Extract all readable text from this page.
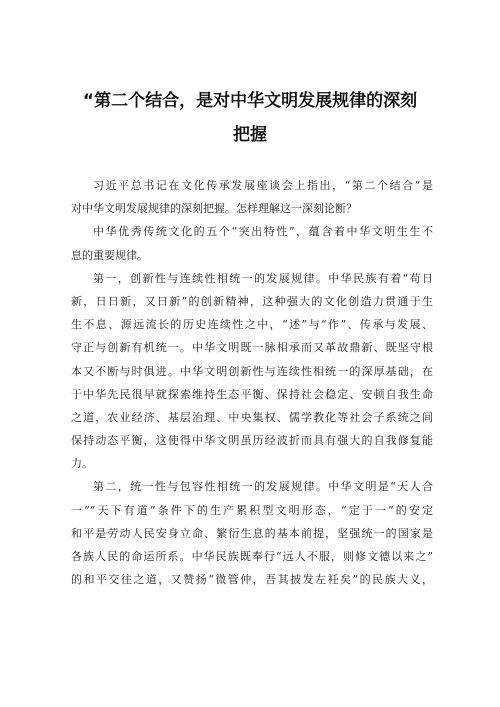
“第二个结合，是对中华文明发展规律的深刻
把握
习近平总书记在文化传承发展座谈会上指出，“第二个结合”是
对中华文明发展规律的深刻把握。怎样理解这一深刻论断？
中华优秀传统文化的五个“突出特性”，蕴含着中华文明生生不
息的重要规律。
第一，创新性与连续性相统一的发展规律。中华民族有着“苟日
新，日日新，又日新”的创新精神，这种强大的文化创造力贯通于生
生不息、源远流长的历史连续性之中，“述”与“作”、传承与发展、
守正与创新有机统一。中华文明既一脉相承而又革故鼎新、既坚守根
本又不断与时俱进。中华文明创新性与连续性相统一的深厚基础，在
于中华先民很早就探索维持生态平衡、保持社会稳定、安顿自我生命
之道，农业经济、基层治理、中央集权、儒学教化等社会子系统之间
保持动态平衡，这使得中华文明虽历经波折而具有强大的自我修复能
力。
第二，统一性与包容性相统一的发展规律。中华文明是“天人合
一”“天下有道”条件下的生产累积型文明形态，“定于一”的安定
和平是劳动人民安身立命、繁衍生息的基本前提，坚强统一的国家是
各族人民的命运所系。中华民族既奉行“远人不服，则修文德以来之”
的和平交往之道，又赞扬“微管仲，吾其披发左衽矣”的民族大义，
